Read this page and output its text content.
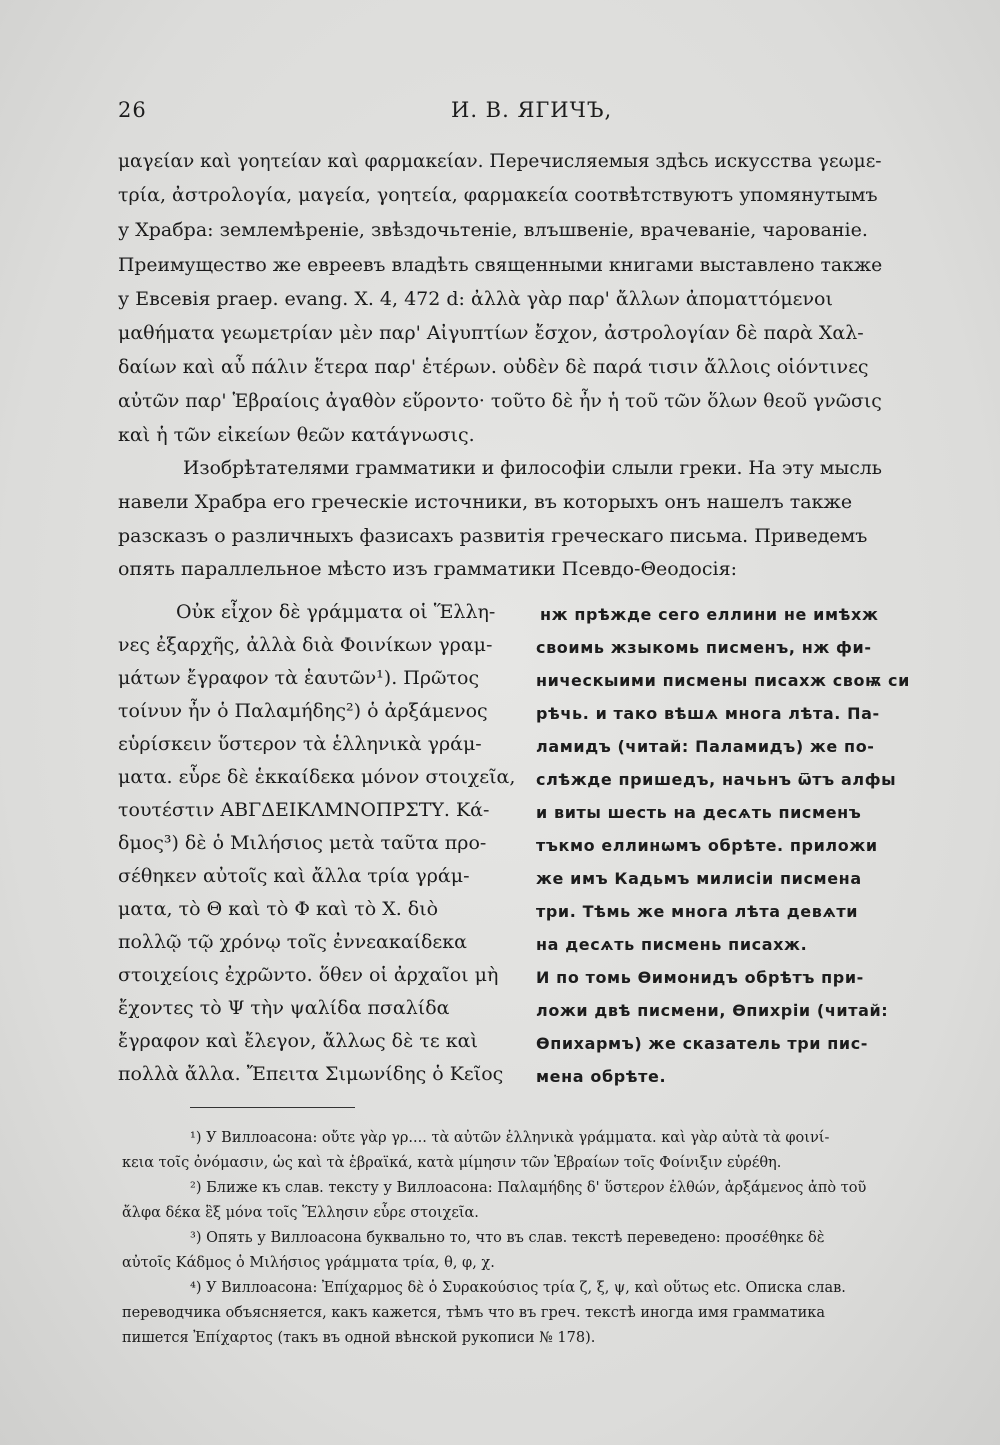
26	И. В. ЯГИЧЪ,
μαγείαν καὶ γοητείαν καὶ φαρμακείαν. Перечисляемыя здѣсь искусства γεωμε-
τρία, ἀστρολογία, μαγεία, γοητεία, φαρμακεία соотвѣтствуютъ упомянутымъ
у Храбра: землемѣреніе, звѣздочьтеніе, влъшвеніе, врачеваніе, чарованіе.
Преимущество же евреевъ владѣть священными книгами выставлено также
у Евсевія praep. evang. X. 4, 472 d: ἀλλὰ γὰρ παρ' ἄλλων ἀποματτόμενοι
μαθήματα γεωμετρίαν μὲν παρ' Αἰγυπτίων ἔσχον, ἀστρολογίαν δὲ παρὰ Χαλ-
δαίων καὶ αὖ πάλιν ἕτερα παρ' ἑτέρων. οὐδὲν δὲ παρά τισιν ἄλλοις οἱόντινες
αὐτῶν παρ' Ἑβραίοις ἀγαθὸν εὕροντο· τοῦτο δὲ ἦν ἡ τοῦ τῶν ὅλων θεοῦ γνῶσις
καὶ ἡ τῶν εἰκείων θεῶν κατάγνωσις.
Изобрѣтателями грамматики и философіи слыли греки. На эту мысль
навели Храбра его греческіе источники, въ которыхъ онъ нашелъ также
разсказъ о различныхъ фазисахъ развитія греческаго письма. Приведемъ
опять параллельное мѣсто изъ грамматики Псевдо-Θеодосія:
Οὐκ εἶχον δὲ γράμματα οἱ Ἕλλη-
νες ἐξαρχῆς, ἀλλὰ διὰ Φοινίκων γραμ-
μάτων ἔγραφον τὰ ἑαυτῶν¹). Πρῶτος
τοίνυν ἦν ὁ Παλαμήδης²) ὁ ἀρξάμενος
εὑρίσκειν ὕστερον τὰ ἑλληνικὰ γράμ-
ματα. εὗρε δὲ ἑκκαίδεκα μόνον στοιχεῖα,
τουτέστιν ΑΒΓΔΕΙΚΛΜΝΟΠΡΣΤΥ. Κά-
δμος³) δὲ ὁ Μιλήσιος μετὰ ταῦτα προ-
σέθηκεν αὐτοῖς καὶ ἄλλα τρία γράμ-
ματα, τὸ Θ καὶ τὸ Φ καὶ τὸ Χ. διὸ
πολλῷ τῷ χρόνῳ τοῖς ἐννεακαίδεκα
στοιχείοις ἐχρῶντο. ὅθεν οἱ ἀρχαῖοι μὴ
ἔχοντες τὸ Ψ τὴν ψαλίδα πσαλίδα
ἔγραφον καὶ ἔλεγον, ἄλλως δὲ τε καὶ
πολλὰ ἄλλα. Ἔπειτα Σιμωνίδης ὁ Κεῖος
нж прѣжде сего еллини не имѣхж
своимь жзыкомь писменъ, нж фи-
ническыими писмены писахж своѭ си
рѣчь. и тако вѣшѧ многа лѣта. Па-
ламидъ (читай: Паламидъ) же по-
слѣжде пришедъ, начьнъ ѿтъ алфы
и виты шесть на десѧть писменъ
тъкмо еллинѡмъ обрѣте. приложи
же имъ Кадьмъ милисіи писмена
три. Тѣмь же многа лѣта девѧти
на десѧть писмень писахж.
И по томь Ѳимонидъ обрѣтъ при-
ложи двѣ писмени, Ѳпихріи (читай:
Ѳпихармъ) же сказатель три пис-
мена обрѣте.
¹) У Виллоасона: οὔτε γὰρ γρ.... τὰ αὐτῶν ἑλληνικὰ γράμματα. καὶ γὰρ αὐτὰ τὰ φοινί-
κεια τοῖς ὀνόμασιν, ὡς καὶ τὰ ἑβραϊκά, κατὰ μίμησιν τῶν Ἑβραίων τοῖς Φοίνιξιν εὑρέθη.
²) Ближе къ слав. тексту у Виллоасона: Παλαμήδης δ' ὕστερον ἐλθών, ἀρξάμενος ἀπὸ τοῦ
ἄλφα δέκα ἓξ μόνα τοῖς Ἕλλησιν εὗρε στοιχεῖα.
³) Опять у Виллоасона буквально то, что въ слав. текстѣ переведено: προσέθηκε δὲ
αὐτοῖς Κάδμος ὁ Μιλήσιος γράμματα τρία, θ, φ, χ.
⁴) У Виллоасона: Ἐπίχαρμος δὲ ὁ Συρακούσιος τρία ζ, ξ, ψ, καὶ οὕτως etc. Описка слав.
переводчика объясняется, какъ кажется, тѣмъ что въ греч. текстѣ иногда имя грамматика
пишется Ἐπίχαρτος (такъ въ одной вѣнской рукописи № 178).
